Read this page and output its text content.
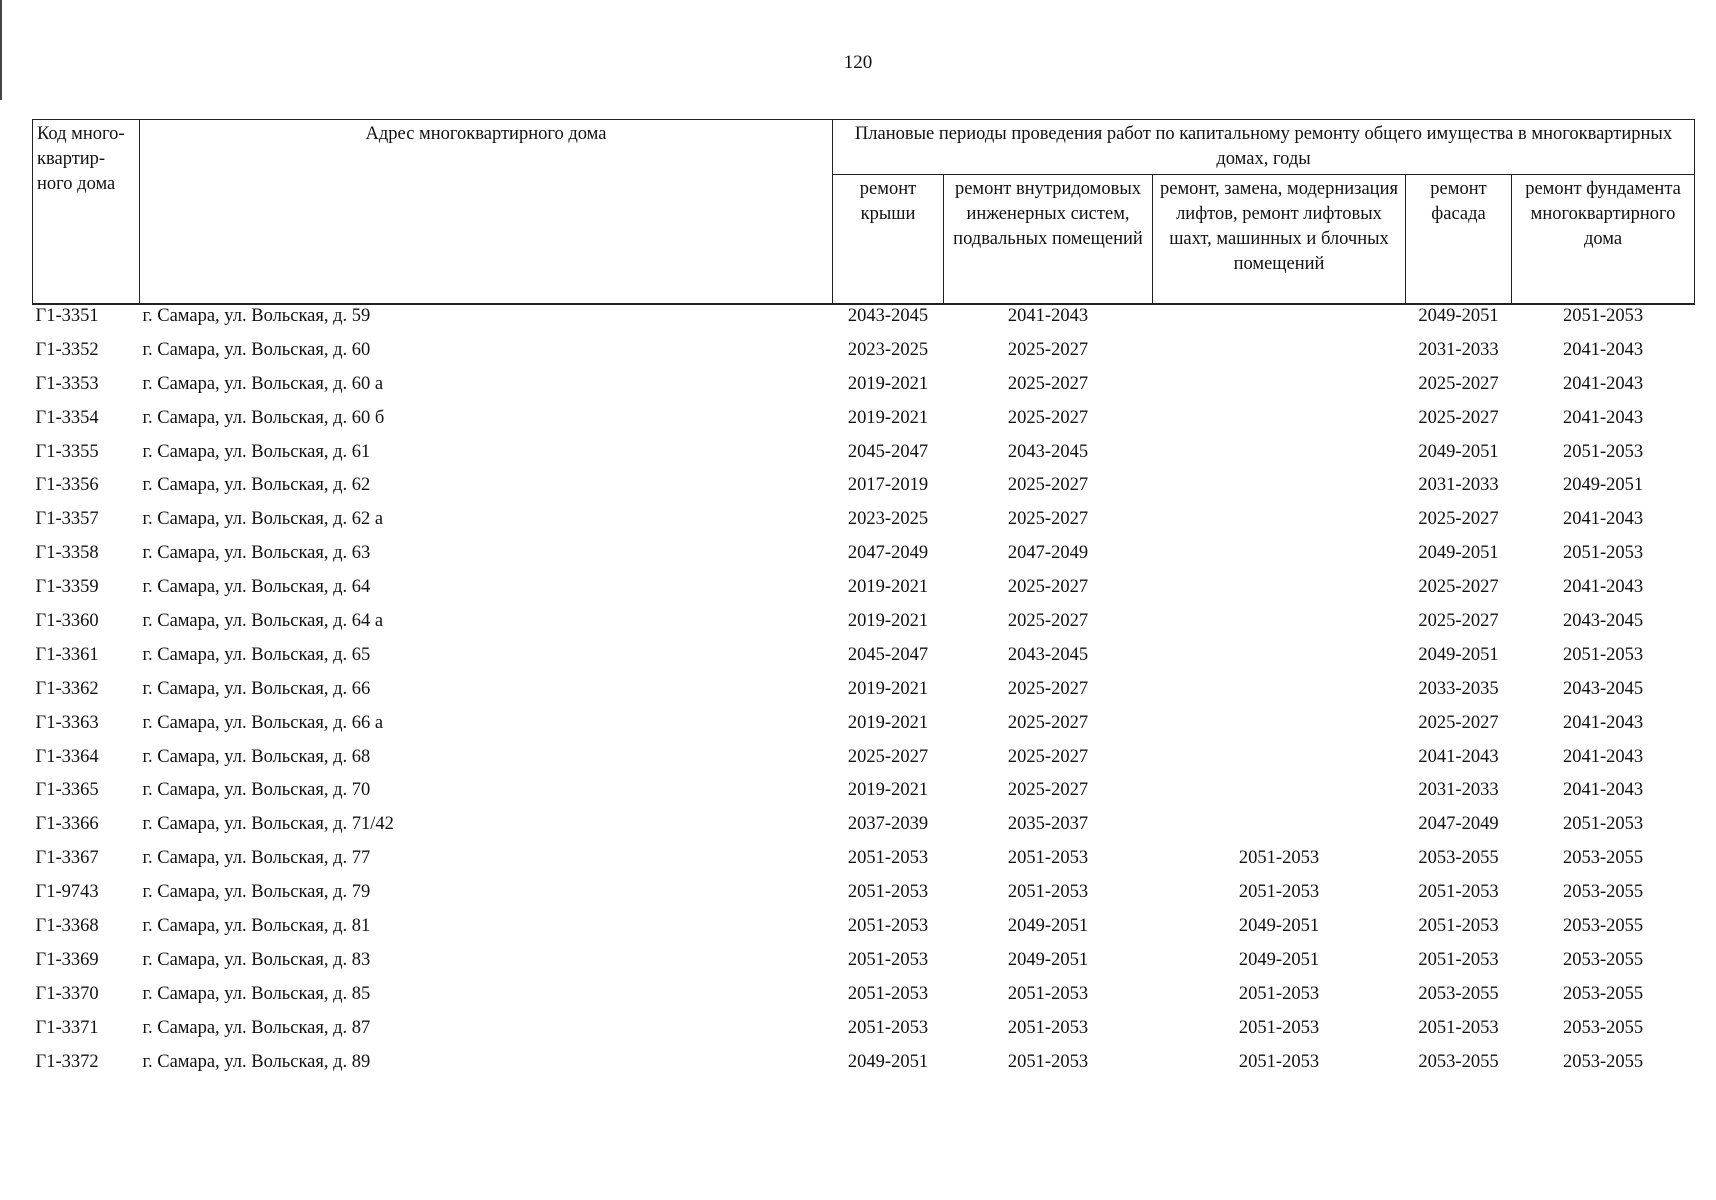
120
Код много-квартир-ного дома	Адрес многоквартирного дома	Плановые периоды проведения работ по капитальному ремонту общего имущества в многоквартирных домах, годы				
		ремонт крыши	ремонт внутридомовых инженерных систем, подвальных помещений	ремонт, замена, модернизация лифтов, ремонт лифтовых шахт, машинных и блочных помещений	ремонт фасада	ремонт фундамента многоквартирного дома
Г1-3351	г. Самара, ул. Вольская, д. 59	2043-2045	2041-2043		2049-2051	2051-2053
Г1-3352	г. Самара, ул. Вольская, д. 60	2023-2025	2025-2027		2031-2033	2041-2043
Г1-3353	г. Самара, ул. Вольская, д. 60 а	2019-2021	2025-2027		2025-2027	2041-2043
Г1-3354	г. Самара, ул. Вольская, д. 60 б	2019-2021	2025-2027		2025-2027	2041-2043
Г1-3355	г. Самара, ул. Вольская, д. 61	2045-2047	2043-2045		2049-2051	2051-2053
Г1-3356	г. Самара, ул. Вольская, д. 62	2017-2019	2025-2027		2031-2033	2049-2051
Г1-3357	г. Самара, ул. Вольская, д. 62 а	2023-2025	2025-2027		2025-2027	2041-2043
Г1-3358	г. Самара, ул. Вольская, д. 63	2047-2049	2047-2049		2049-2051	2051-2053
Г1-3359	г. Самара, ул. Вольская, д. 64	2019-2021	2025-2027		2025-2027	2041-2043
Г1-3360	г. Самара, ул. Вольская, д. 64 а	2019-2021	2025-2027		2025-2027	2043-2045
Г1-3361	г. Самара, ул. Вольская, д. 65	2045-2047	2043-2045		2049-2051	2051-2053
Г1-3362	г. Самара, ул. Вольская, д. 66	2019-2021	2025-2027		2033-2035	2043-2045
Г1-3363	г. Самара, ул. Вольская, д. 66 а	2019-2021	2025-2027		2025-2027	2041-2043
Г1-3364	г. Самара, ул. Вольская, д. 68	2025-2027	2025-2027		2041-2043	2041-2043
Г1-3365	г. Самара, ул. Вольская, д. 70	2019-2021	2025-2027		2031-2033	2041-2043
Г1-3366	г. Самара, ул. Вольская, д. 71/42	2037-2039	2035-2037		2047-2049	2051-2053
Г1-3367	г. Самара, ул. Вольская, д. 77	2051-2053	2051-2053	2051-2053	2053-2055	2053-2055
Г1-9743	г. Самара, ул. Вольская, д. 79	2051-2053	2051-2053	2051-2053	2051-2053	2053-2055
Г1-3368	г. Самара, ул. Вольская, д. 81	2051-2053	2049-2051	2049-2051	2051-2053	2053-2055
Г1-3369	г. Самара, ул. Вольская, д. 83	2051-2053	2049-2051	2049-2051	2051-2053	2053-2055
Г1-3370	г. Самара, ул. Вольская, д. 85	2051-2053	2051-2053	2051-2053	2053-2055	2053-2055
Г1-3371	г. Самара, ул. Вольская, д. 87	2051-2053	2051-2053	2051-2053	2051-2053	2053-2055
Г1-3372	г. Самара, ул. Вольская, д. 89	2049-2051	2051-2053	2051-2053	2053-2055	2053-2055
